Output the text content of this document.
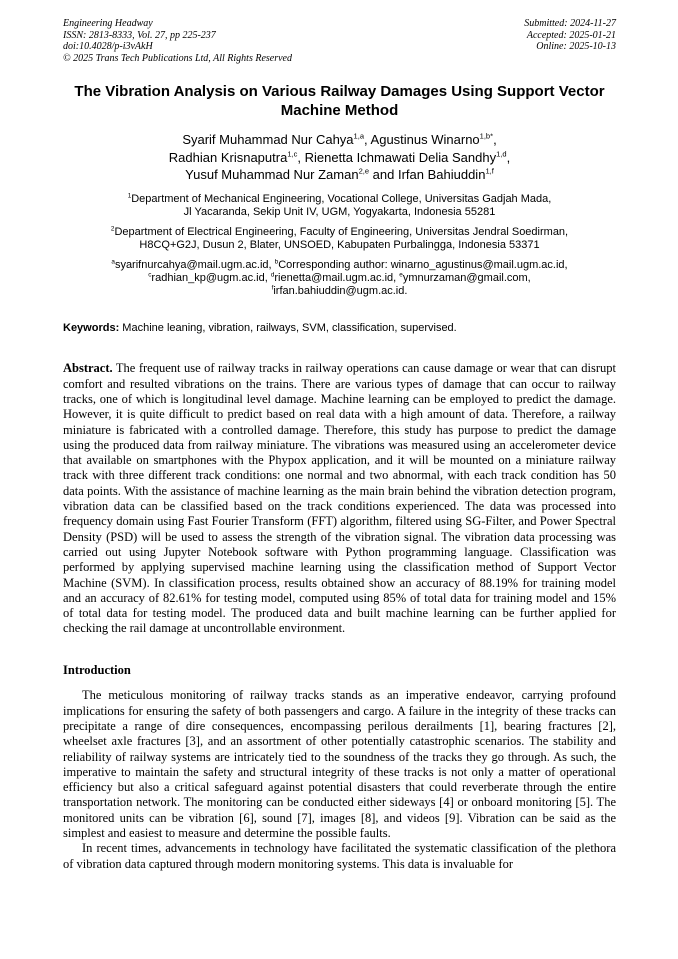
Engineering Headway
ISSN: 2813-8333, Vol. 27, pp 225-237
doi:10.4028/p-i3vAkH
© 2025 Trans Tech Publications Ltd, All Rights Reserved
Submitted: 2024-11-27
Accepted: 2025-01-21
Online: 2025-10-13
The Vibration Analysis on Various Railway Damages Using Support Vector Machine Method
Syarif Muhammad Nur Cahya$^{1,a}$, Agustinus Winarno$^{1,b*}$,
Radhian Krisnaputra$^{1,c}$, Rienetta Ichmawati Delia Sandhy$^{1,d}$,
Yusuf Muhammad Nur Zaman$^{2,e}$ and Irfan Bahiuddin$^{1,f}$
$^1$Department of Mechanical Engineering, Vocational College, Universitas Gadjah Mada,
Jl Yacaranda, Sekip Unit IV, UGM, Yogyakarta, Indonesia 55281
$^2$Department of Electrical Engineering, Faculty of Engineering, Universitas Jendral Soedirman,
H8CQ+G2J, Dusun 2, Blater, UNSOED, Kabupaten Purbalingga, Indonesia 53371
$^a$syarifnurcahya@mail.ugm.ac.id, $^b$Corresponding author: winarno_agustinus@mail.ugm.ac.id,
$^c$radhian_kp@ugm.ac.id, $^d$rienetta@mail.ugm.ac.id, $^e$ymnurzaman@gmail.com,
$^f$irfan.bahiuddin@ugm.ac.id.

Keywords: Machine leaning, vibration, railways, SVM, classification, supervised.

Abstract. The frequent use of railway tracks in railway operations can cause damage or wear that can disrupt comfort and resulted vibrations on the trains. There are various types of damage that can occur to railway tracks, one of which is longitudinal level damage. Machine learning can be employed to predict the damage. However, it is quite difficult to predict based on real data with a high amount of data. Therefore, a railway miniature is fabricated with a controlled damage. Therefore, this study has purpose to predict the damage using the produced data from railway miniature. The vibrations was measured using an accelerometer device that available on smartphones with the Phypox application, and it will be mounted on a miniature railway track with three different track conditions: one normal and two abnormal, with each track condition has 50 data points. With the assistance of machine learning as the main brain behind the vibration detection program, vibration data can be classified based on the track conditions experienced. The data was processed into frequency domain using Fast Fourier Transform (FFT) algorithm, filtered using SG-Filter, and Power Spectral Density (PSD) will be used to assess the strength of the vibration signal. The vibration data processing was carried out using Jupyter Notebook software with Python programming language. Classification was performed by applying supervised machine learning using the classification method of Support Vector Machine (SVM). In classification process, results obtained show an accuracy of 88.19% for training model and an accuracy of 82.61% for testing model, computed using 85% of total data for training model and 15% of total data for testing model. The produced data and built machine learning can be further applied for checking the rail damage at uncontrollable environment.

Introduction

The meticulous monitoring of railway tracks stands as an imperative endeavor, carrying profound implications for ensuring the safety of both passengers and cargo. A failure in the integrity of these tracks can precipitate a range of dire consequences, encompassing perilous derailments [1], bearing fractures [2], wheelset axle fractures [3], and an assortment of other potentially catastrophic scenarios. The stability and reliability of railway systems are intricately tied to the soundness of the tracks they go through. As such, the imperative to maintain the safety and structural integrity of these tracks is not only a matter of operational efficiency but also a critical safeguard against potential disasters that could reverberate through the entire transportation network. The monitoring can be conducted either sideways [4] or onboard monitoring [5]. The monitored units can be vibration [6], sound [7], images [8], and videos [9]. Vibration can be said as the simplest and easiest to measure and determine the possible faults.

In recent times, advancements in technology have facilitated the systematic classification of the plethora of vibration data captured through modern monitoring systems. This data is invaluable for
